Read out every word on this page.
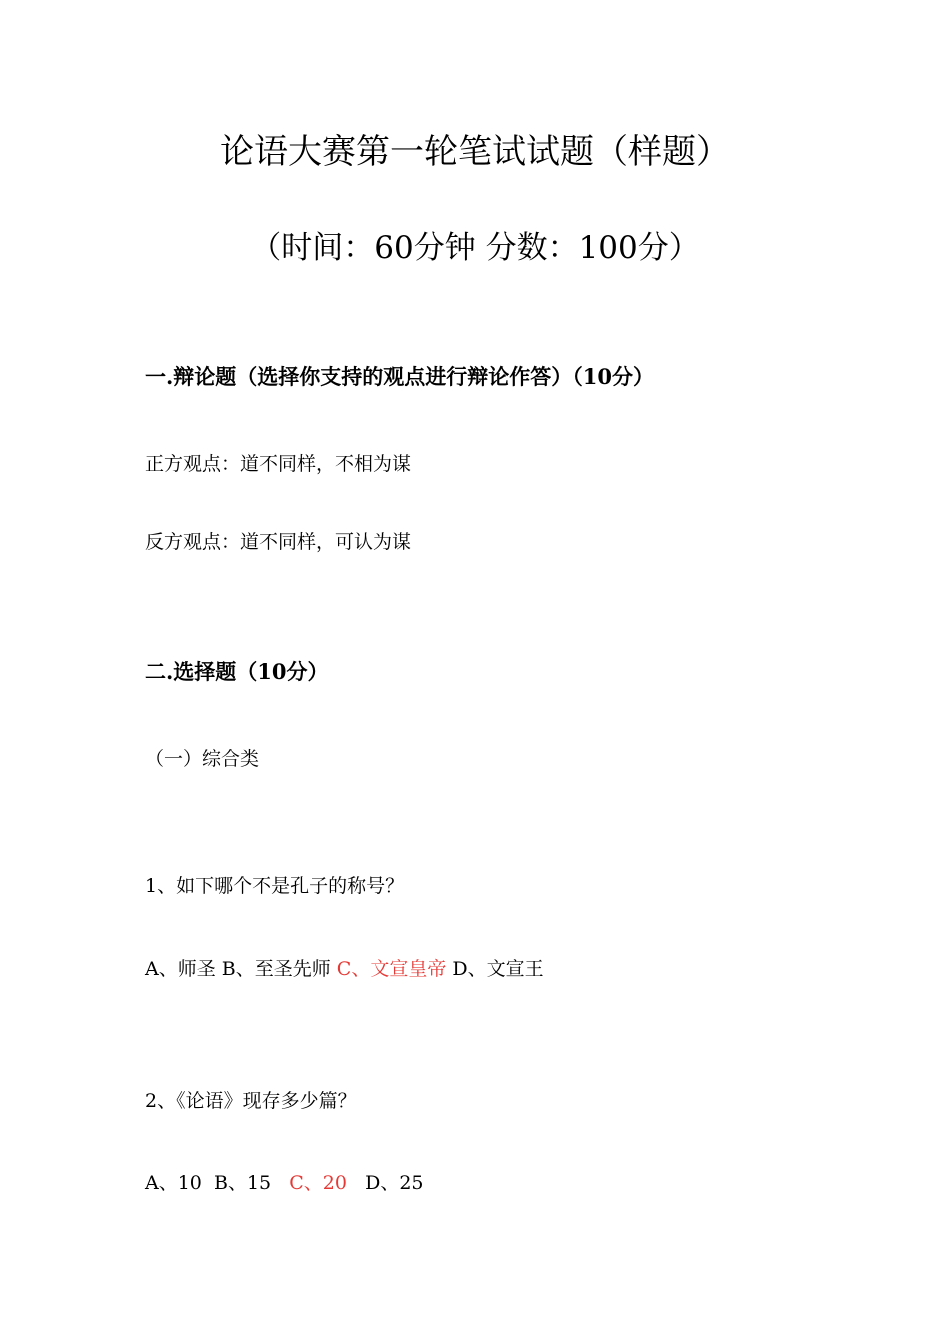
论语大赛第一轮笔试试题（样题）
（时间：60分钟 分数：100分）
一.辩论题（选择你支持的观点进行辩论作答）（10分）
正方观点：道不同样，不相为谋
反方观点：道不同样，可认为谋
二.选择题（10分）
（一）综合类
1、如下哪个不是孔子的称号？
A、师圣 B、至圣先师 C、文宣皇帝 D、文宣王
2、《论语》现存多少篇？
A、10 B、15 C、20 D、25
